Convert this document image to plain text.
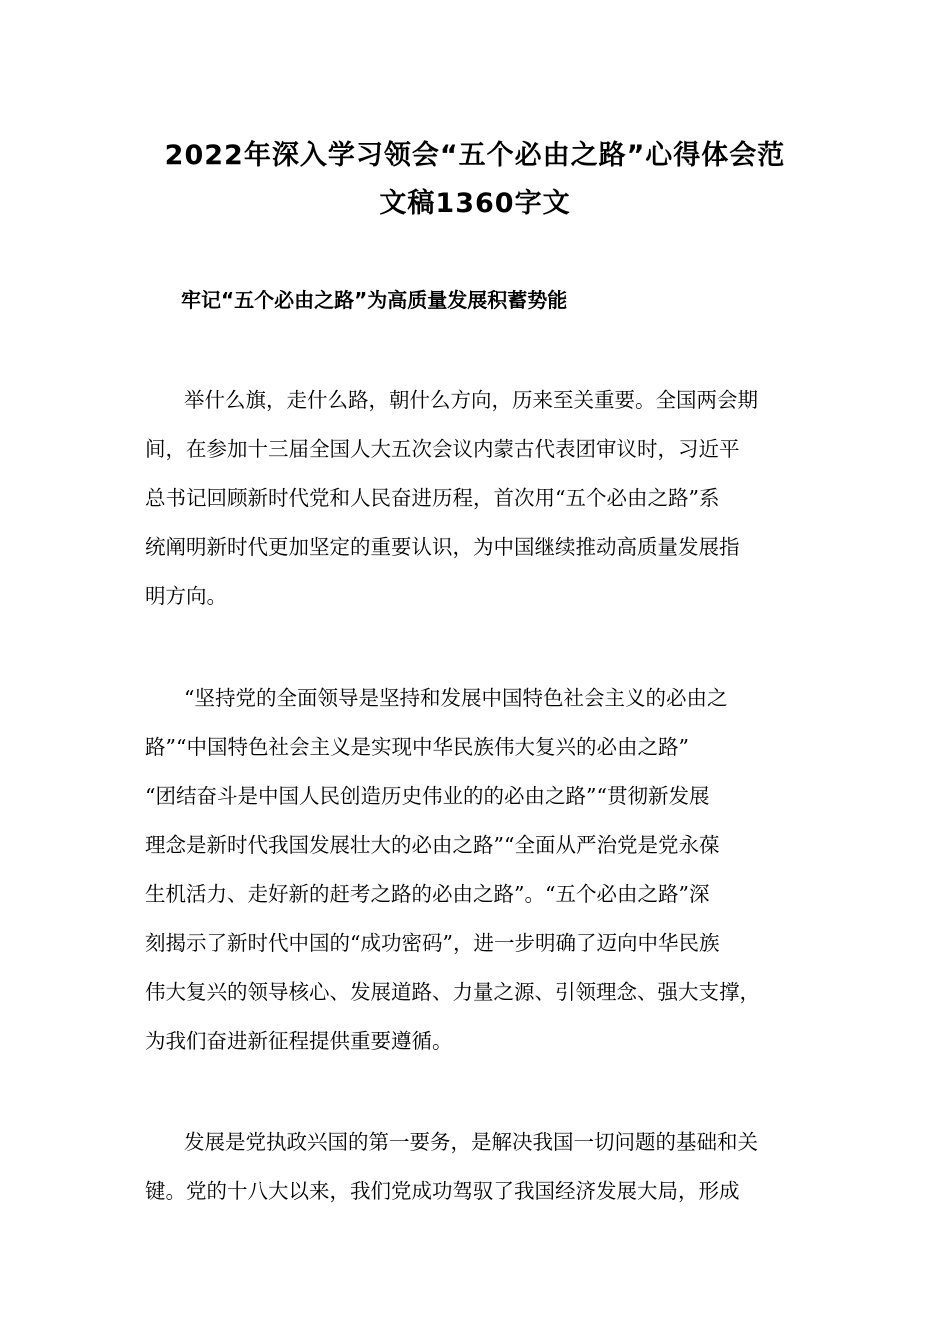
2022年深入学习领会“五个必由之路”心得体会范
文稿1360字文
牢记“五个必由之路”为高质量发展积蓄势能
举什么旗，走什么路，朝什么方向，历来至关重要。全国两会期
间，在参加十三届全国人大五次会议内蒙古代表团审议时，习近平
总书记回顾新时代党和人民奋进历程，首次用“五个必由之路”系
统阐明新时代更加坚定的重要认识，为中国继续推动高质量发展指
明方向。
“坚持党的全面领导是坚持和发展中国特色社会主义的必由之
路”“中国特色社会主义是实现中华民族伟大复兴的必由之路”
“团结奋斗是中国人民创造历史伟业的的必由之路”“贯彻新发展
理念是新时代我国发展壮大的必由之路”“全面从严治党是党永葆
生机活力、走好新的赶考之路的必由之路”。“五个必由之路”深
刻揭示了新时代中国的“成功密码”，进一步明确了迈向中华民族
伟大复兴的领导核心、发展道路、力量之源、引领理念、强大支撑，
为我们奋进新征程提供重要遵循。
发展是党执政兴国的第一要务，是解决我国一切问题的基础和关
键。党的十八大以来，我们党成功驾驭了我国经济发展大局，形成
